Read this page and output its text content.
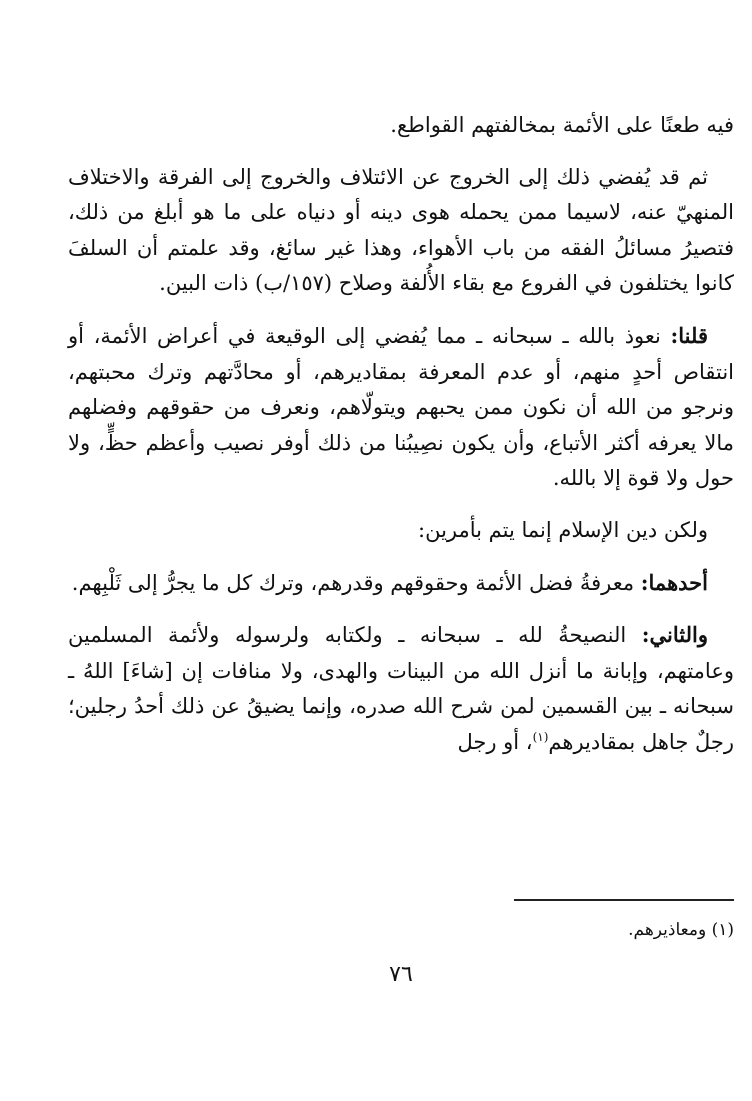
فيه طعنًا على الأئمة بمخالفتهم القواطع.

ثم قد يُفضي ذلك إلى الخروج عن الائتلاف والخروج إلى الفرقة والاختلاف المنهيّ عنه، لاسيما ممن يحمله هوى دينه أو دنياه على ما هو أبلغ من ذلك، فتصيرُ مسائلُ الفقه من باب الأهواء، وهذا غير سائغ، وقد علمتم أن السلفَ كانوا يختلفون في الفروع مع بقاء الأُلفة وصلاح (١٥٧/ب) ذات البين.

قلنا: نعوذ بالله ـ سبحانه ـ مما يُفضي إلى الوقيعة في أعراض الأئمة، أو انتقاص أحدٍ منهم، أو عدم المعرفة بمقاديرهم، أو محادَّتهم وترك محبتهم، ونرجو من الله أن نكون ممن يحبهم ويتولّاهم، ونعرف من حقوقهم وفضلهم مالا يعرفه أكثر الأتباع، وأن يكون نصِيبُنا من ذلك أوفر نصيب وأعظم حظٍّ، ولا حول ولا قوة إلا بالله.

ولكن دين الإسلام إنما يتم بأمرين:

أحدهما: معرفةُ فضل الأئمة وحقوقهم وقدرهم، وترك كل ما يجرُّ إلى ثَلْبِهم.

والثاني: النصيحةُ لله ـ سبحانه ـ ولكتابه ولرسوله ولأئمة المسلمين وعامتهم، وإبانة ما أنزل الله من البينات والهدى، ولا منافات إن [شاءَ] اللهُ ـ سبحانه ـ بين القسمين لمن شرح الله صدره، وإنما يضيقُ عن ذلك أحدُ رجلين؛ رجلٌ جاهل بمقاديرهم$^{(١)}$، أو رجل

(١) ومعاذيرهم.
٧٦
